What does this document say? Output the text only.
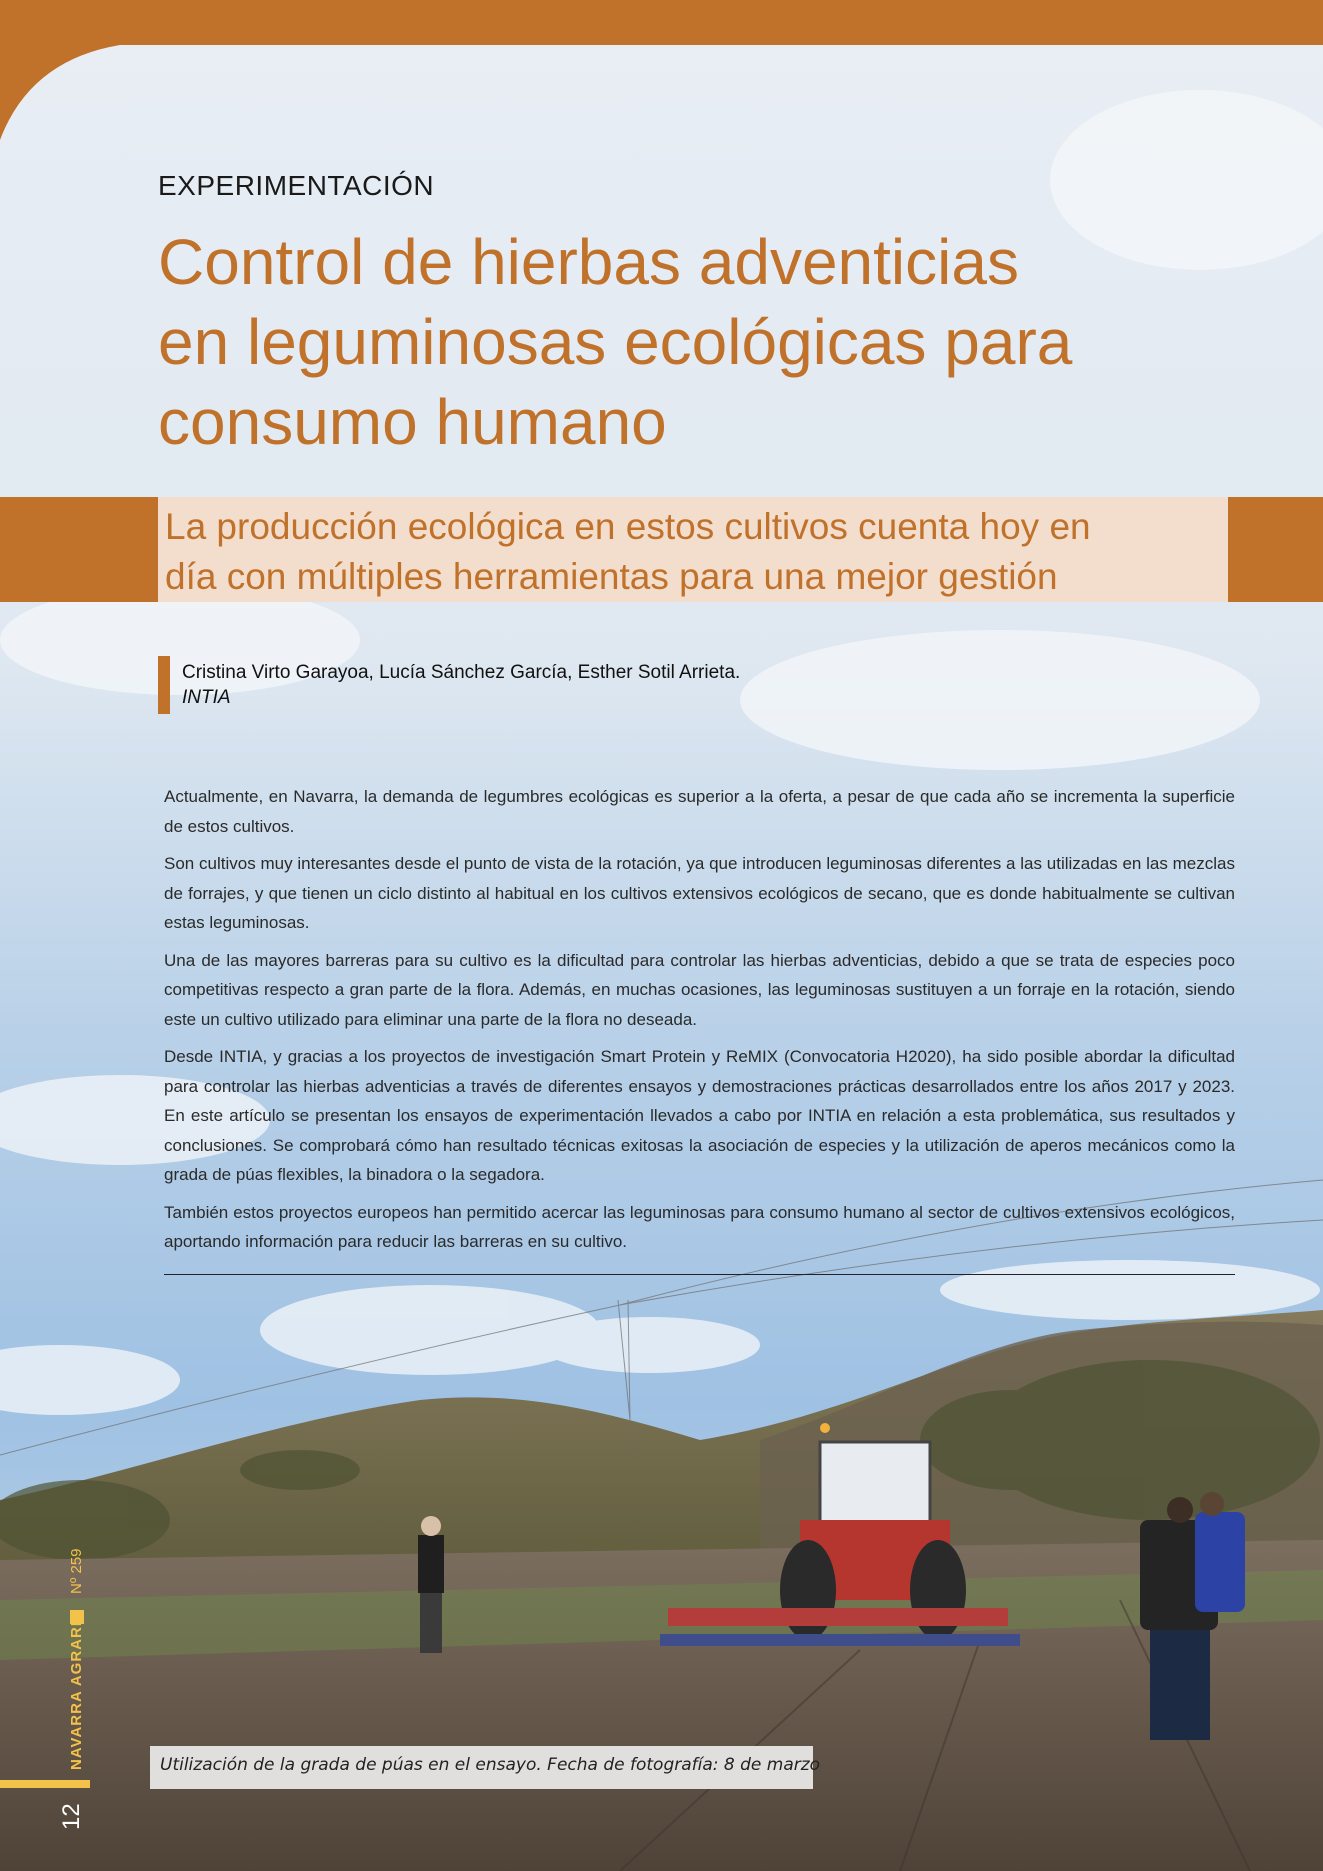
EXPERIMENTACIÓN
Control de hierbas adventicias
en leguminosas ecológicas para
consumo humano
La producción ecológica en estos cultivos cuenta hoy en
día con múltiples herramientas para una mejor gestión
Cristina Virto Garayoa, Lucía Sánchez García, Esther Sotil Arrieta.
INTIA

Actualmente, en Navarra, la demanda de legumbres ecológicas es superior a la oferta, a pesar de que cada año se incrementa la superficie de estos cultivos.

Son cultivos muy interesantes desde el punto de vista de la rotación, ya que introducen leguminosas diferentes a las utilizadas en las mezclas de forrajes, y que tienen un ciclo distinto al habitual en los cultivos extensivos ecológicos de secano, que es donde habitualmente se cultivan estas leguminosas.

Una de las mayores barreras para su cultivo es la dificultad para controlar las hierbas adventicias, debido a que se trata de especies poco competitivas respecto a gran parte de la flora. Además, en muchas ocasiones, las leguminosas sustituyen a un forraje en la rotación, siendo este un cultivo utilizado para eliminar una parte de la flora no deseada.

Desde INTIA, y gracias a los proyectos de investigación Smart Protein y ReMIX (Convocatoria H2020), ha sido posible abordar la dificultad para controlar las hierbas adventicias a través de diferentes ensayos y demostraciones prácticas desarrollados entre los años 2017 y 2023. En este artículo se presentan los ensayos de experimentación llevados a cabo por INTIA en relación a esta problemática, sus resultados y conclusiones. Se comprobará cómo han resultado técnicas exitosas la asociación de especies y la utilización de aperos mecánicos como la grada de púas flexibles, la binadora o la segadora.

También estos proyectos europeos han permitido acercar las leguminosas para consumo humano al sector de cultivos extensivos ecológicos, aportando información para reducir las barreras en su cultivo.

Utilización de la grada de púas en el ensayo. Fecha de fotografía: 8 de marzo
Nº 259
NAVARRA AGRARIA
12
